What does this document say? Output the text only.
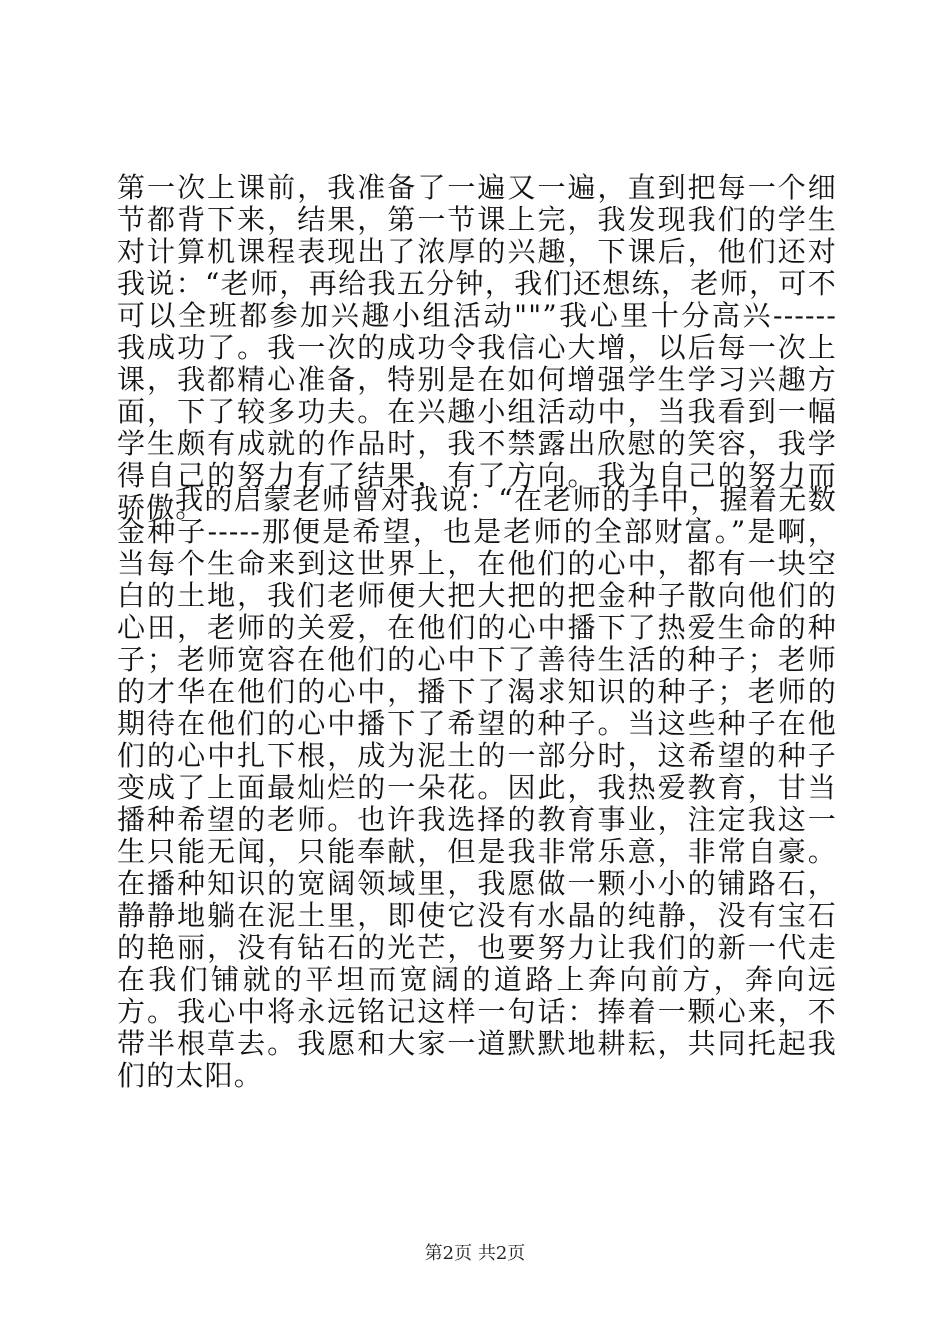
第一次上课前，我准备了一遍又一遍，直到把每一个细节都背下来，结果，第一节课上完，我发现我们的学生对计算机课程表现出了浓厚的兴趣，下课后，他们还对我说：“老师，再给我五分钟，我们还想练，老师，可不可以全班都参加兴趣小组活动""”我心里十分高兴------我成功了。我一次的成功令我信心大增，以后每一次上课，我都精心准备，特别是在如何增强学生学习兴趣方面，下了较多功夫。在兴趣小组活动中，当我看到一幅学生颇有成就的作品时，我不禁露出欣慰的笑容，我学得自己的努力有了结果，有了方向。我为自己的努力而骄傲。

我的启蒙老师曾对我说：“在老师的手中，握着无数金种子-----那便是希望，也是老师的全部财富。”是啊，当每个生命来到这世界上，在他们的心中，都有一块空白的土地，我们老师便大把大把的把金种子散向他们的心田，老师的关爱，在他们的心中播下了热爱生命的种子；老师宽容在他们的心中下了善待生活的种子；老师的才华在他们的心中，播下了渴求知识的种子；老师的期待在他们的心中播下了希望的种子。当这些种子在他们的心中扎下根，成为泥土的一部分时，这希望的种子变成了上面最灿烂的一朵花。因此，我热爱教育，甘当播种希望的老师。也许我选择的教育事业，注定我这一生只能无闻，只能奉献，但是我非常乐意，非常自豪。在播种知识的宽阔领域里，我愿做一颗小小的铺路石，静静地躺在泥土里，即使它没有水晶的纯静，没有宝石的艳丽，没有钻石的光芒，也要努力让我们的新一代走在我们铺就的平坦而宽阔的道路上奔向前方，奔向远方。我心中将永远铭记这样一句话：捧着一颗心来，不带半根草去。我愿和大家一道默默地耕耘，共同托起我们的太阳。

第2页 共2页
